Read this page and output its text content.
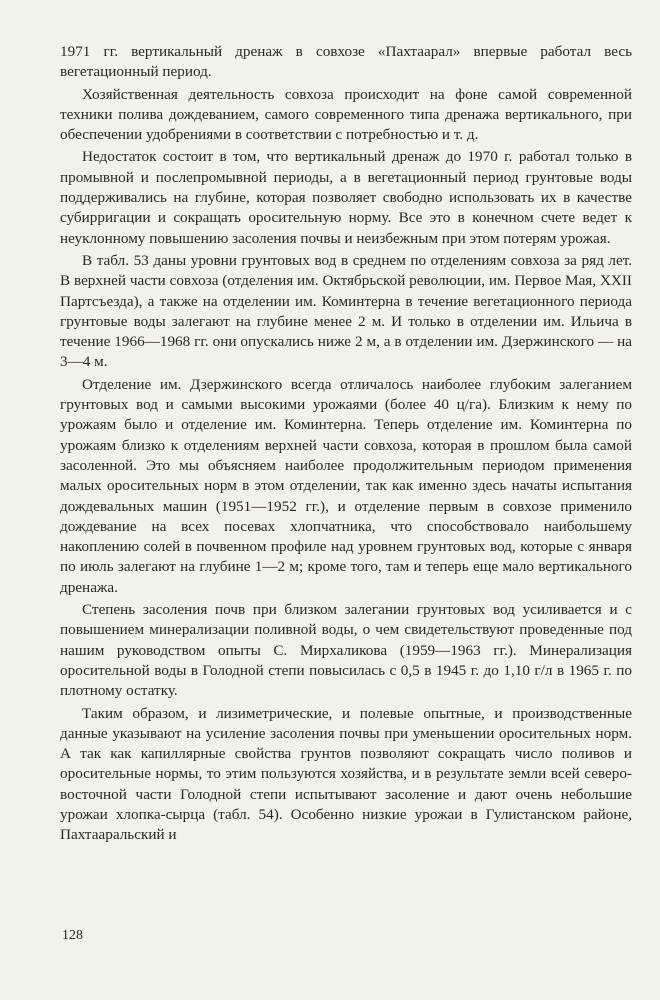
1971 гг. вертикальный дренаж в совхозе «Пахтаарал» впервые работал весь вегетационный период.

Хозяйственная деятельность совхоза происходит на фоне самой современной техники полива дождеванием, самого современного типа дренажа вертикального, при обеспечении удобрениями в соответствии с потребностью и т. д.

Недостаток состоит в том, что вертикальный дренаж до 1970 г. работал только в промывной и послепромывной периоды, а в вегетационный период грунтовые воды поддерживались на глубине, которая позволяет свободно использовать их в качестве субирригации и сокращать оросительную норму. Все это в конечном счете ведет к неуклонному повышению засоления почвы и неизбежным при этом потерям урожая.

В табл. 53 даны уровни грунтовых вод в среднем по отделениям совхоза за ряд лет. В верхней части совхоза (отделения им. Октябрьской революции, им. Первое Мая, XXII Партсъезда), а также на отделении им. Коминтерна в течение вегетационного периода грунтовые воды залегают на глубине менее 2 м. И только в отделении им. Ильича в течение 1966—1968 гг. они опускались ниже 2 м, а в отделении им. Дзержинского — на 3—4 м.

Отделение им. Дзержинского всегда отличалось наиболее глубоким залеганием грунтовых вод и самыми высокими урожаями (более 40 ц/га). Близким к нему по урожаям было и отделение им. Коминтерна. Теперь отделение им. Коминтерна по урожаям близко к отделениям верхней части совхоза, которая в прошлом была самой засоленной. Это мы объясняем наиболее продолжительным периодом применения малых оросительных норм в этом отделении, так как именно здесь начаты испытания дождевальных машин (1951—1952 гг.), и отделение первым в совхозе применило дождевание на всех посевах хлопчатника, что способствовало наибольшему накоплению солей в почвенном профиле над уровнем грунтовых вод, которые с января по июль залегают на глубине 1—2 м; кроме того, там и теперь еще мало вертикального дренажа.

Степень засоления почв при близком залегании грунтовых вод усиливается и с повышением минерализации поливной воды, о чем свидетельствуют проведенные под нашим руководством опыты С. Мирхаликова (1959—1963 гг.). Минерализация оросительной воды в Голодной степи повысилась с 0,5 в 1945 г. до 1,10 г/л в 1965 г. по плотному остатку.

Таким образом, и лизиметрические, и полевые опытные, и производственные данные указывают на усиление засоления почвы при уменьшении оросительных норм. А так как капиллярные свойства грунтов позволяют сокращать число поливов и оросительные нормы, то этим пользуются хозяйства, и в результате земли всей северо-восточной части Голодной степи испытывают засоление и дают очень небольшие урожаи хлопка-сырца (табл. 54). Особенно низкие урожаи в Гулистанском районе, Пахтааральский и

128
